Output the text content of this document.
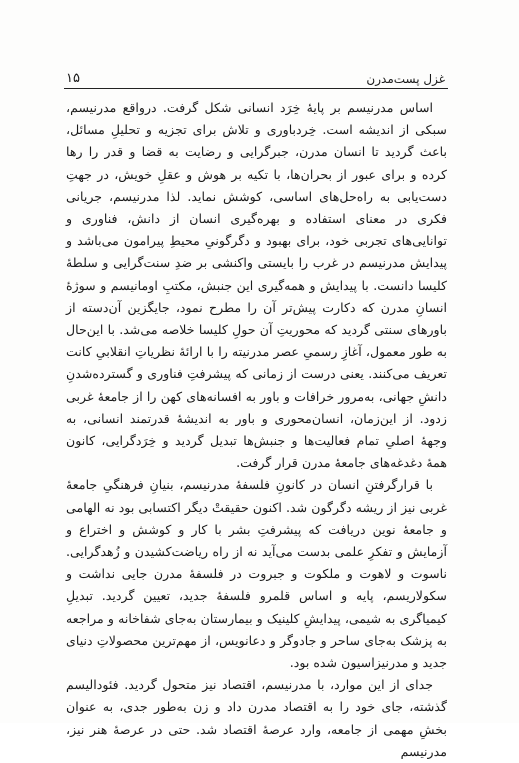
غزل پست‌مدرن
۱۵

اساس مدرنیسم بر پایهٔ خِرَد انسانی شکل گرفت. درواقع مدرنیسم، سبکی از اندیشه است. خِردباوری و تلاش برای تجزیه و تحلیلِ مسائل، باعث گردید تا انسان مدرن، جبرگرایی و رضایت به قضا و قدر را رها کرده و برای عبور از بحران‌ها، با تکیه بر هوش و عقلِ خویش، در جهتِ دست‌یابی به راه‌حل‌های اساسی، کوشش نماید. لذا مدرنیسم، جریانی فکری در معنای استفاده و بهره‌گیری انسان از دانش، فناوری و توانایی‌های تجربی خود، برای بهبود و دگرگونیِ محیطِ پیرامون می‌باشد و پیدایش مدرنیسم در غرب را بایستی واکنشی بر ضدِ سنت‌گرایی و سلطهٔ کلیسا دانست. با پیدایش و همه‌گیری این جنبش، مکتبِ اومانیسم و سوژهٔ انسانِ مدرن که دکارت پیش‌تر آن را مطرح نمود، جایگزین آن‌دسته از باورهای سنتی گردید که محوریتِ آن حولِ کلیسا خلاصه می‌شد. با این‌حال به طور معمول، آغازِ رسمیِ عصر مدرنیته را با ارائهٔ نظریاتِ انقلابیِ کانت تعریف می‌کنند. یعنی درست از زمانی که پیشرفتِ فناوری و گسترده‌شدنِ دانشِ جهانی، به‌مرور خرافات و باور به افسانه‌های کهن را از جامعهٔ غربی زدود. از این‌زمان، انسان‌محوری و باور به اندیشهٔ قدرتمند انسانی، به وجههٔ اصلیِ تمام فعالیت‌ها و جنبش‌ها تبدیل گردید و خِرَدگرایی، کانون همهٔ دغدغه‌های جامعهٔ مدرن قرار گرفت.

با قرارگرفتنِ انسان در کانونِ فلسفهٔ مدرنیسم، بنیانِ فرهنگیِ جامعهٔ غربی نیز از ریشه دگرگون شد. اکنون حقیقتْ دیگر اکتسابی بود نه الهامی و جامعهٔ نوین دریافت که پیشرفتِ بشر با کار و کوشش و اختراع و آزمایش و تفکرِ علمی بدست می‌آید نه از راه ریاضت‌کشیدن و زُهدگرایی. ناسوت و لاهوت و ملکوت و جبروت در فلسفهٔ مدرن جایی نداشت و سکولاریسم، پایه و اساس قلمرو فلسفهٔ جدید، تعیین گردید. تبدیلِ کیمیاگری به شیمی، پیدایشِ کلینیک و بیمارستان به‌جای شفاخانه و مراجعه به پزشک به‌جای ساحر و جادوگر و دعانویس، از مهم‌ترین محصولاتِ دنیای جدید و مدرنیزاسیون شده بود.

جدای از این موارد، با مدرنیسم، اقتصاد نیز متحول گردید. فئودالیسم گذشته، جای خود را به اقتصاد مدرن داد و زن به‌طور جدی، به عنوان بخشِ مهمی از جامعه، وارد عرصهٔ اقتصاد شد. حتی در عرصهٔ هنر نیز، مدرنیسم
